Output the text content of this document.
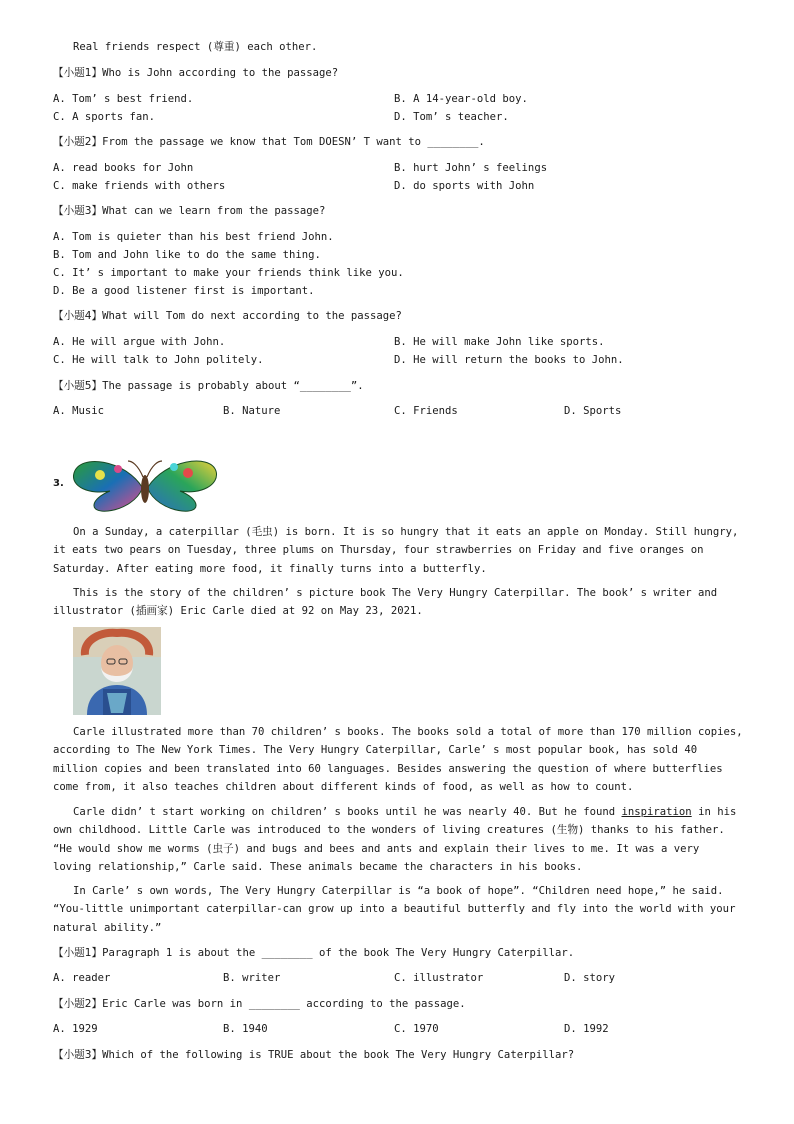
Real friends respect (尊重) each other.
【小题1】Who is John according to the passage?
A. Tom’ s best friend.	B. A 14-year-old boy.
C. A sports fan.	D. Tom’ s teacher.
【小题2】From the passage we know that Tom DOESN’ T want to ________.
A. read books for John	B. hurt John’ s feelings
C. make friends with others	D. do sports with John
【小题3】What can we learn from the passage?
A. Tom is quieter than his best friend John.
B. Tom and John like to do the same thing.
C. It’ s important to make your friends think like you.
D. Be a good listener first is important.
【小题4】What will Tom do next according to the passage?
A. He will argue with John.	B. He will make John like sports.
C. He will talk to John politely.	D. He will return the books to John.
【小题5】The passage is probably about “________”.
A. Music	B. Nature	C. Friends	D. Sports
3.

On a Sunday, a caterpillar (毛虫) is born. It is so hungry that it eats an apple on Monday. Still hungry, it eats two pears on Tuesday, three plums on Thursday, four strawberries on Friday and five oranges on Saturday. After eating more food, it finally turns into a butterfly.

This is the story of the children’ s picture book The Very Hungry Caterpillar. The book’ s writer and illustrator (插画家) Eric Carle died at 92 on May 23, 2021.

Carle illustrated more than 70 children’ s books. The books sold a total of more than 170 million copies, according to The New York Times. The Very Hungry Caterpillar, Carle’ s most popular book, has sold 40 million copies and been translated into 60 languages. Besides answering the question of where butterflies come from, it also teaches children about different kinds of food, as well as how to count.

Carle didn’ t start working on children’ s books until he was nearly 40. But he found inspiration in his own childhood. Little Carle was introduced to the wonders of living creatures (生物) thanks to his father. “He would show me worms (虫子) and bugs and bees and ants and explain their lives to me. It was a very loving relationship,” Carle said. These animals became the characters in his books.

In Carle’ s own words, The Very Hungry Caterpillar is “a book of hope”. “Children need hope,” he said. “You-little unimportant caterpillar-can grow up into a beautiful butterfly and fly into the world with your natural ability.”

【小题1】Paragraph 1 is about the ________ of the book The Very Hungry Caterpillar.
A. reader	B. writer	C. illustrator	D. story
【小题2】Eric Carle was born in ________ according to the passage.
A. 1929	B. 1940	C. 1970	D. 1992
【小题3】Which of the following is TRUE about the book The Very Hungry Caterpillar?
